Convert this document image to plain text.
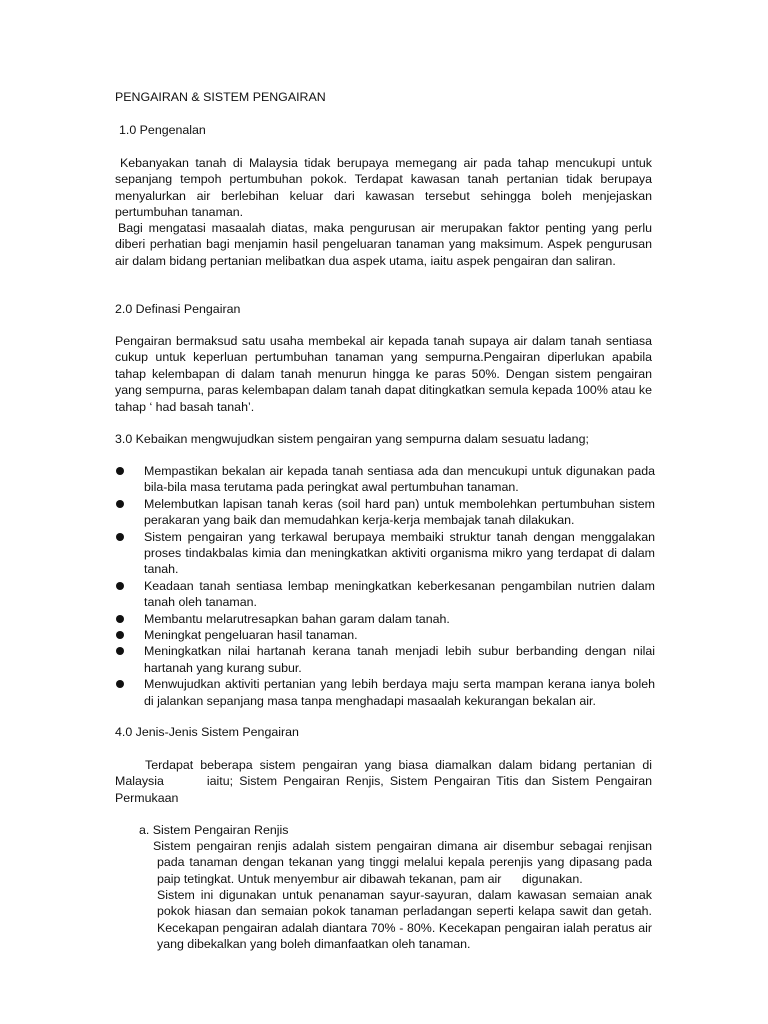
PENGAIRAN & SISTEM PENGAIRAN

1.0 Pengenalan

Kebanyakan tanah di Malaysia tidak berupaya memegang air pada tahap mencukupi untuk sepanjang tempoh pertumbuhan pokok. Terdapat kawasan tanah pertanian tidak berupaya menyalurkan air berlebihan keluar dari kawasan tersebut sehingga boleh menjejaskan pertumbuhan tanaman.

Bagi mengatasi masaalah diatas, maka pengurusan air merupakan faktor penting yang perlu diberi perhatian bagi menjamin hasil pengeluaran tanaman yang maksimum. Aspek pengurusan air dalam bidang pertanian melibatkan dua aspek utama, iaitu aspek pengairan dan saliran.

2.0 Definasi Pengairan

Pengairan bermaksud satu usaha membekal air kepada tanah supaya air dalam tanah sentiasa cukup untuk keperluan pertumbuhan tanaman yang sempurna.Pengairan diperlukan apabila tahap kelembapan di dalam tanah menurun hingga ke paras 50%. Dengan sistem pengairan yang sempurna, paras kelembapan dalam tanah dapat ditingkatkan semula kepada 100% atau ke tahap ‘ had basah tanah’.

3.0 Kebaikan mengwujudkan sistem pengairan yang sempurna dalam sesuatu ladang;

Mempastikan bekalan air kepada tanah sentiasa ada dan mencukupi untuk digunakan pada bila-bila masa terutama pada peringkat awal pertumbuhan tanaman.
Melembutkan lapisan tanah keras (soil hard pan) untuk membolehkan pertumbuhan sistem perakaran yang baik dan memudahkan kerja-kerja membajak tanah dilakukan.
Sistem pengairan yang terkawal berupaya membaiki struktur tanah dengan menggalakan proses tindakbalas kimia dan meningkatkan aktiviti organisma mikro yang terdapat di dalam tanah.
Keadaan tanah sentiasa lembap meningkatkan keberkesanan pengambilan nutrien dalam tanah oleh tanaman.
Membantu melarutresapkan bahan garam dalam tanah.
Meningkat pengeluaran hasil tanaman.
Meningkatkan nilai hartanah kerana tanah menjadi lebih subur berbanding dengan nilai hartanah yang kurang subur.
Menwujudkan aktiviti pertanian yang lebih berdaya maju serta mampan kerana ianya boleh di jalankan sepanjang masa tanpa menghadapi masaalah kekurangan bekalan air.

4.0 Jenis-Jenis Sistem Pengairan

Terdapat beberapa sistem pengairan yang biasa diamalkan dalam bidang pertanian di Malaysia       iaitu; Sistem Pengairan Renjis, Sistem Pengairan Titis dan Sistem Pengairan Permukaan

a. Sistem Pengairan Renjis

Sistem pengairan renjis adalah sistem pengairan dimana air disembur sebagai renjisan pada tanaman dengan tekanan yang tinggi melalui kepala perenjis yang dipasang pada paip tetingkat. Untuk menyembur air dibawah tekanan, pam air      digunakan.

Sistem ini digunakan untuk penanaman sayur-sayuran, dalam kawasan semaian anak pokok hiasan dan semaian pokok tanaman perladangan seperti kelapa sawit dan getah. Kecekapan pengairan adalah diantara 70% - 80%. Kecekapan pengairan ialah peratus air yang dibekalkan yang boleh dimanfaatkan oleh tanaman.
